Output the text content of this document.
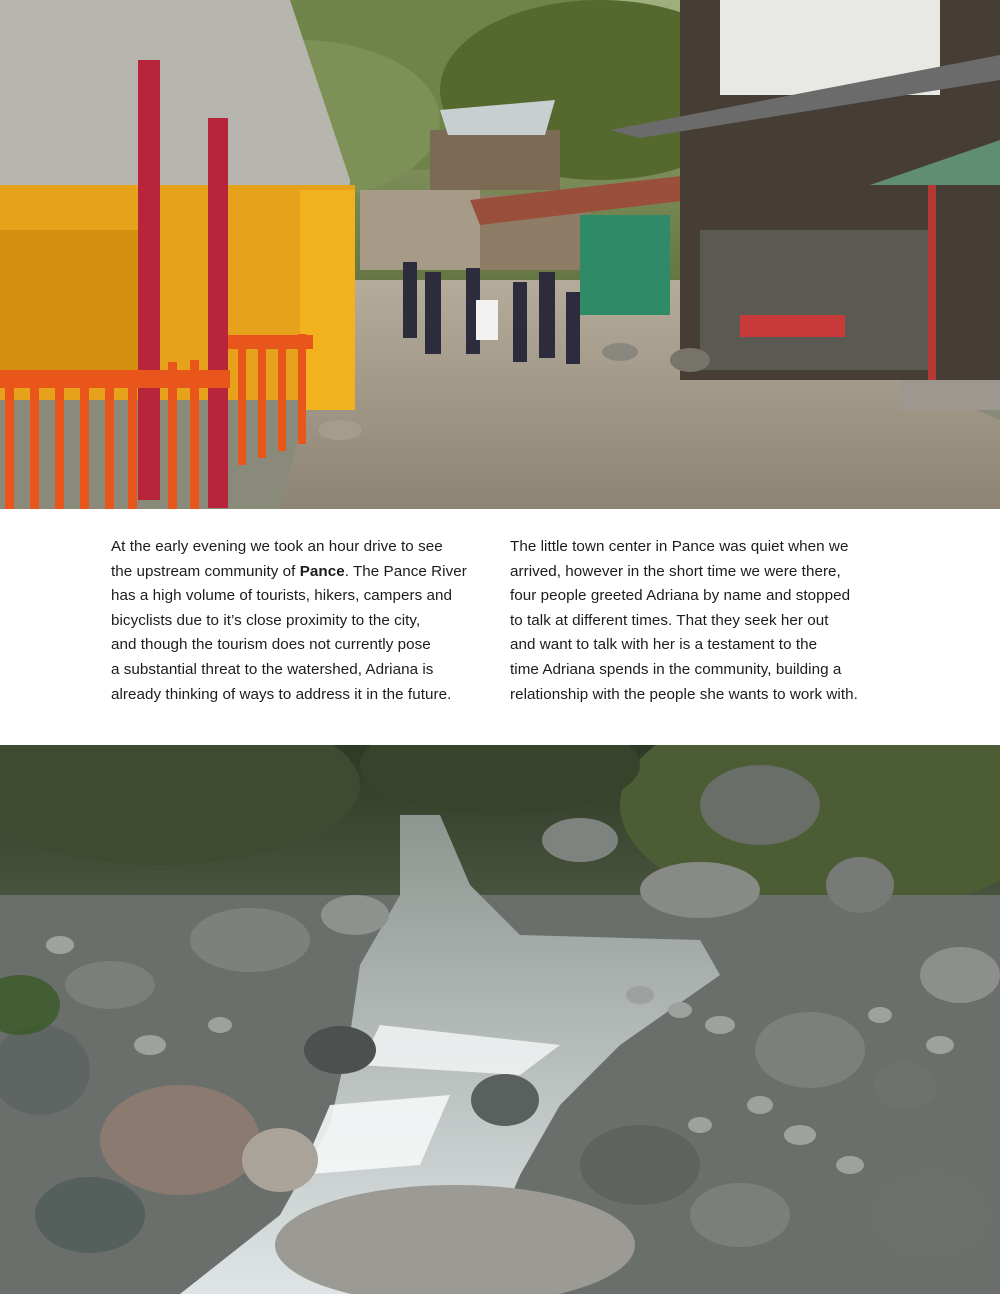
At the early evening we took an hour drive to see
the upstream community of Pance. The Pance River
has a high volume of tourists, hikers, campers and
bicyclists due to it’s close proximity to the city,
and though the tourism does not currently pose
a substantial threat to the watershed, Adriana is
already thinking of ways to address it in the future.
The little town center in Pance was quiet when we
arrived, however in the short time we were there,
four people greeted Adriana by name and stopped
to talk at different times. That they seek her out
and want to talk with her is a testament to the
time Adriana spends in the community, building a
relationship with the people she wants to work with.
